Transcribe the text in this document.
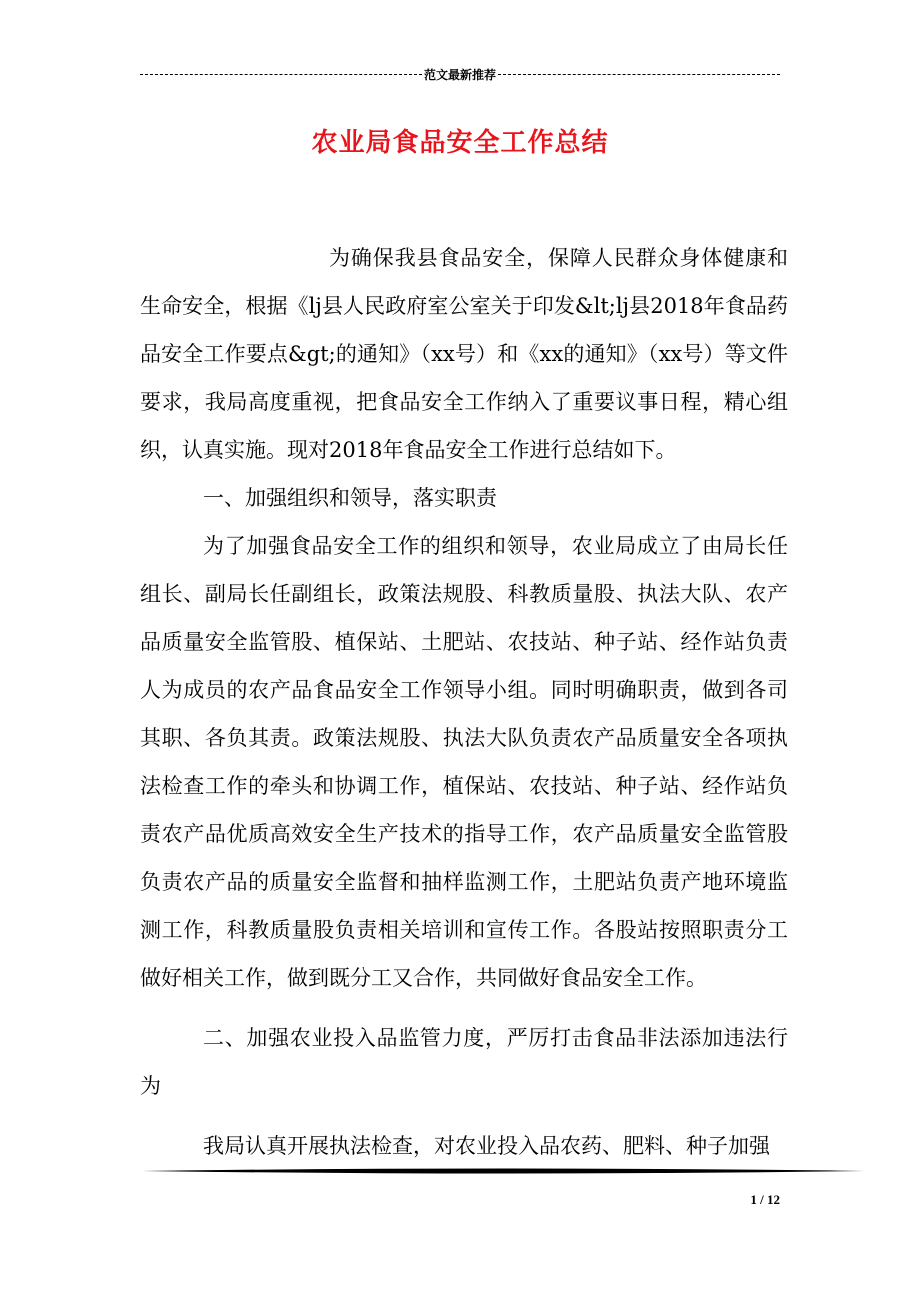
范文最新推荐
农业局食品安全工作总结

为确保我县食品安全，保障人民群众身体健康和生命安全，根据《lj县人民政府室公室关于印发&lt;lj县2018年食品药品安全工作要点&gt;的通知》（xx号）和《xx的通知》（xx号）等文件要求，我局高度重视，把食品安全工作纳入了重要议事日程，精心组织，认真实施。现对2018年食品安全工作进行总结如下。

一、加强组织和领导，落实职责

为了加强食品安全工作的组织和领导，农业局成立了由局长任组长、副局长任副组长，政策法规股、科教质量股、执法大队、农产品质量安全监管股、植保站、土肥站、农技站、种子站、经作站负责人为成员的农产品食品安全工作领导小组。同时明确职责，做到各司其职、各负其责。政策法规股、执法大队负责农产品质量安全各项执法检查工作的牵头和协调工作，植保站、农技站、种子站、经作站负责农产品优质高效安全生产技术的指导工作，农产品质量安全监管股负责农产品的质量安全监督和抽样监测工作，土肥站负责产地环境监测工作，科教质量股负责相关培训和宣传工作。各股站按照职责分工做好相关工作，做到既分工又合作，共同做好食品安全工作。

二、加强农业投入品监管力度，严厉打击食品非法添加违法行为

我局认真开展执法检查，对农业投入品农药、肥料、种子加强

1 / 12
